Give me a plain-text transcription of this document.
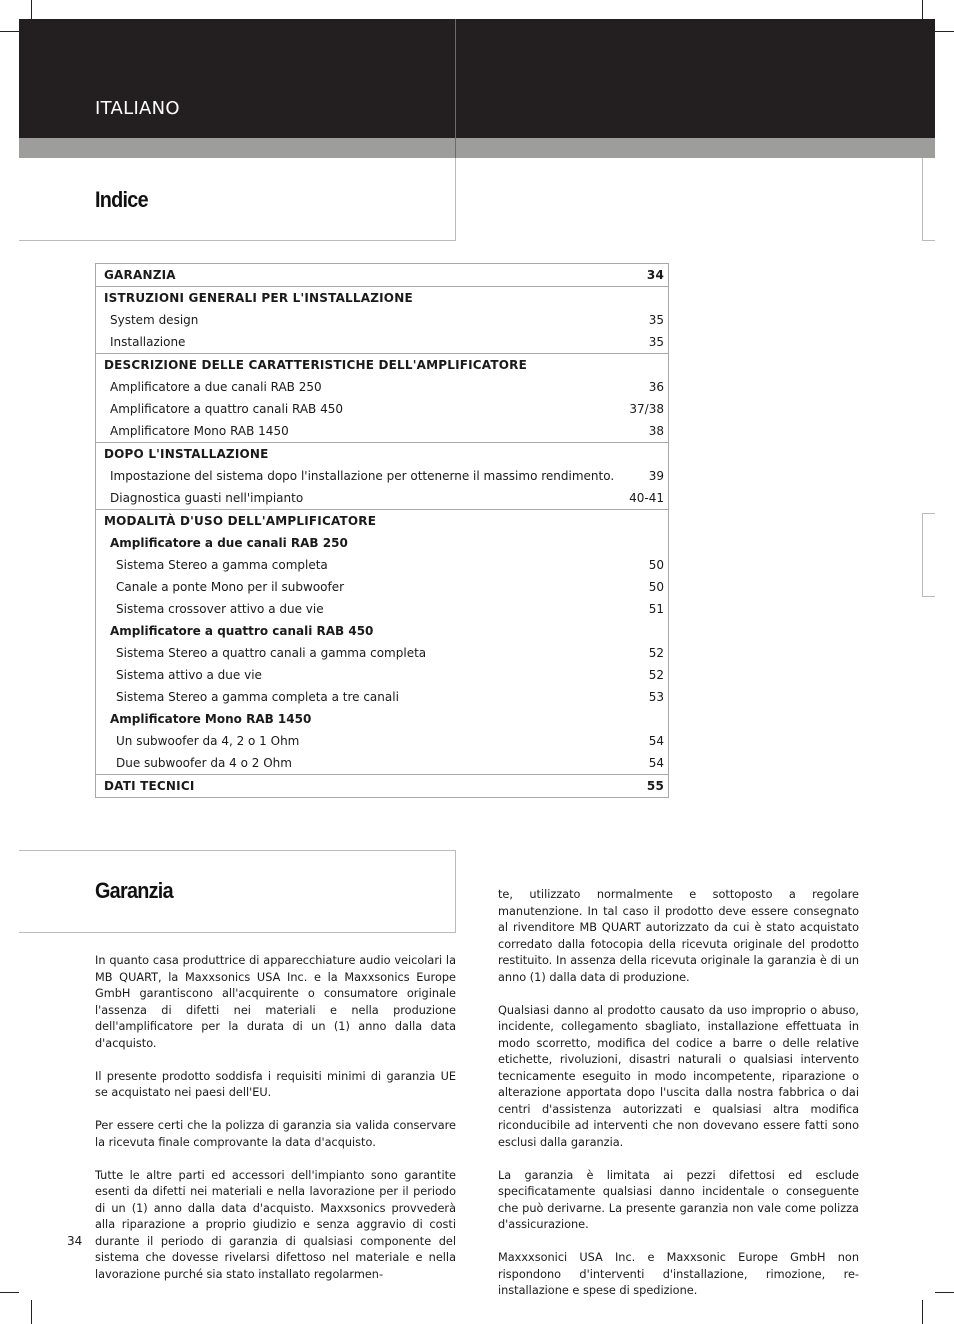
ITALIANO
Indice
GARANZIA	34
ISTRUZIONI GENERALI PER L'INSTALLAZIONE
System design	35
Installazione	35
DESCRIZIONE DELLE CARATTERISTICHE DELL'AMPLIFICATORE
Amplificatore a due canali RAB 250	36
Amplificatore a quattro canali RAB 450	37/38
Amplificatore Mono RAB 1450	38
DOPO L'INSTALLAZIONE
Impostazione del sistema dopo l'installazione per ottenerne il massimo rendimento.	39
Diagnostica guasti nell'impianto	40-41
MODALITÀ D'USO DELL'AMPLIFICATORE
Amplificatore a due canali RAB 250
Sistema Stereo a gamma completa	50
Canale a ponte Mono per il subwoofer	50
Sistema crossover attivo a due vie	51
Amplificatore a quattro canali RAB 450
Sistema Stereo a quattro canali a gamma completa	52
Sistema attivo a due vie	52
Sistema Stereo a gamma completa a tre canali	53
Amplificatore Mono RAB 1450
Un subwoofer da 4, 2 o 1 Ohm	54
Due subwoofer da 4 o 2 Ohm	54
DATI TECNICI	55
Garanzia

In quanto casa produttrice di apparecchiature audio veicolari la MB QUART, la Maxxsonics USA Inc. e la Maxxsonics Europe GmbH garantiscono all'acquirente o consumatore originale l'assenza di difetti nei materiali e nella produzione dell'amplificatore per la durata di un (1) anno dalla data d'acquisto.

Il presente prodotto soddisfa i requisiti minimi di garanzia UE se acquistato nei paesi dell'EU.

Per essere certi che la polizza di garanzia sia valida conservare la ricevuta finale comprovante la data d'acquisto.

Tutte le altre parti ed accessori dell'impianto sono garantite esenti da difetti nei materiali e nella lavorazione per il periodo di un (1) anno dalla data d'acquisto. Maxxsonics provvederà alla riparazione a proprio giudizio e senza aggravio di costi durante il periodo di garanzia di qualsiasi componente del sistema che dovesse rivelarsi difettoso nel materiale e nella lavorazione purché sia stato installato regolarmen-

te, utilizzato normalmente e sottoposto a regolare manutenzione. In tal caso il prodotto deve essere consegnato al rivenditore MB QUART autorizzato da cui è stato acquistato corredato dalla fotocopia della ricevuta originale del prodotto restituito. In assenza della ricevuta originale la garanzia è di un anno (1) dalla data di produzione.

Qualsiasi danno al prodotto causato da uso improprio o abuso, incidente, collegamento sbagliato, installazione effettuata in modo scorretto, modifica del codice a barre o delle relative etichette, rivoluzioni, disastri naturali o qualsiasi intervento tecnicamente eseguito in modo incompetente, riparazione o alterazione apportata dopo l'uscita dalla nostra fabbrica o dai centri d'assistenza autorizzati e qualsiasi altra modifica riconducibile ad interventi che non dovevano essere fatti sono esclusi dalla garanzia.

La garanzia è limitata ai pezzi difettosi ed esclude specificatamente qualsiasi danno incidentale o conseguente che può derivarne. La presente garanzia non vale come polizza d'assicurazione.

Maxxxsonici USA Inc. e Maxxsonic Europe GmbH non rispondono d'interventi d'installazione, rimozione, re-installazione e spese di spedizione.

34
